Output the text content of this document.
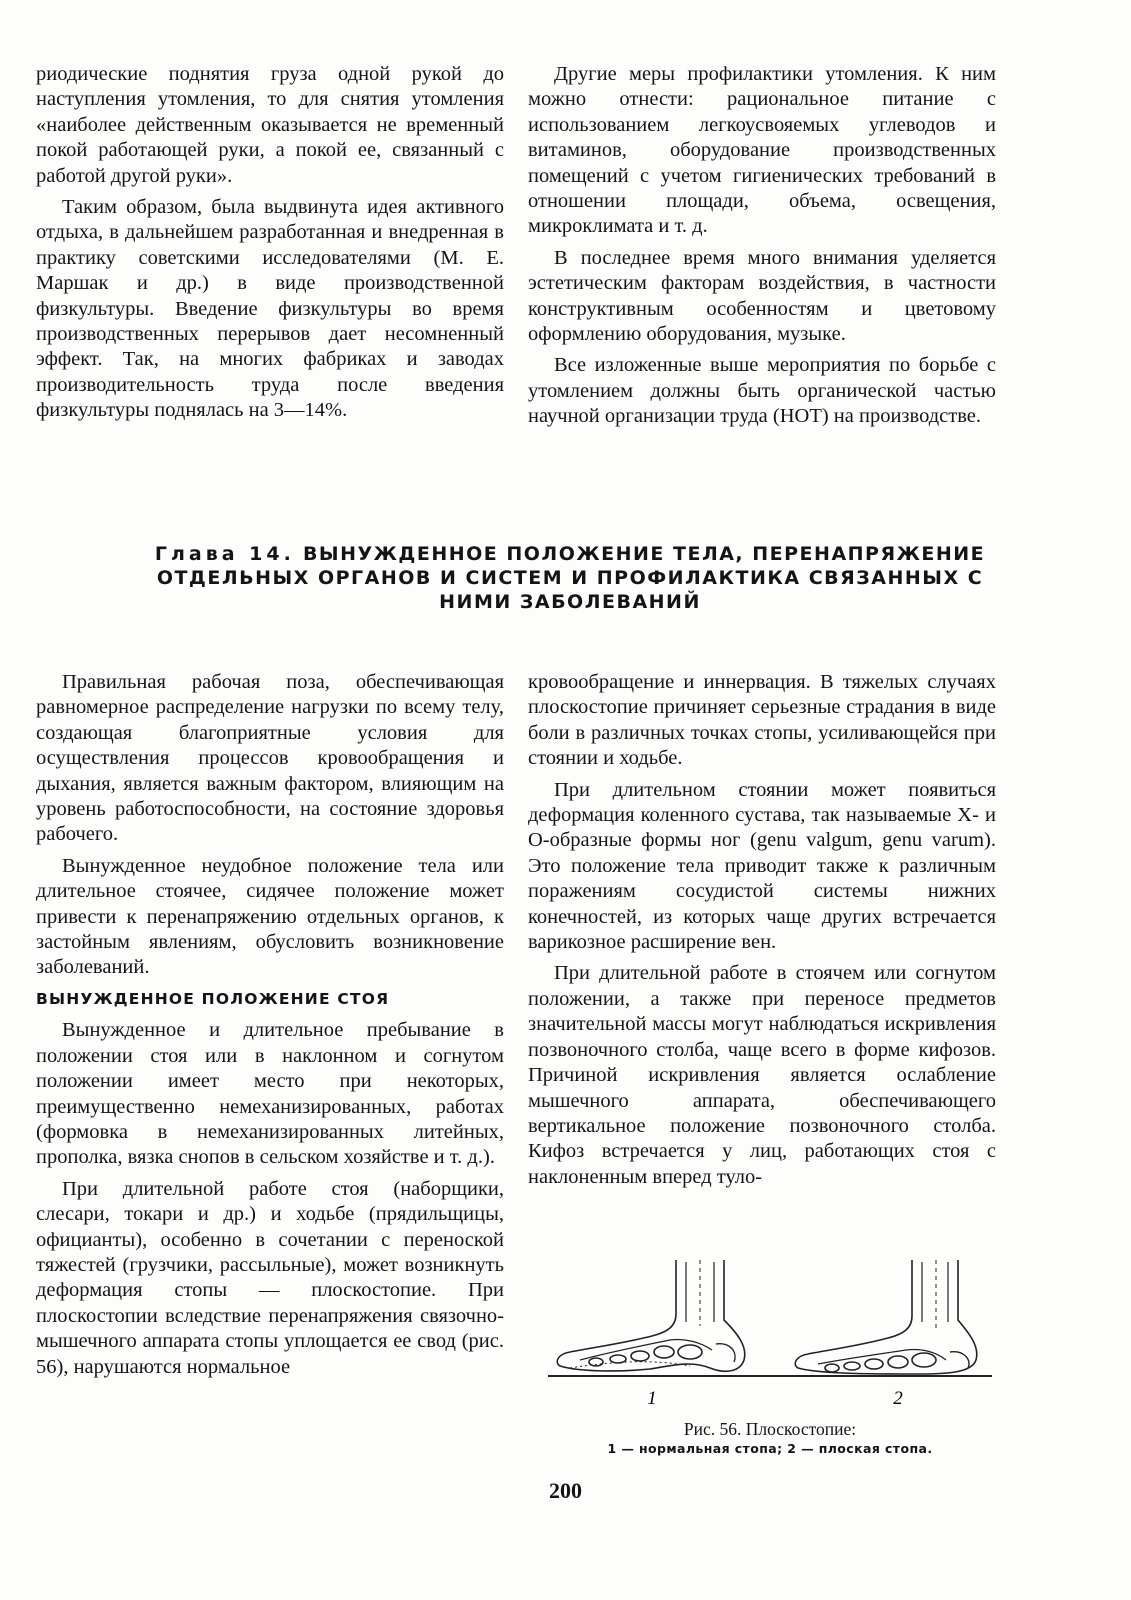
риодические поднятия груза одной рукой до наступления утомления, то для снятия утомления «наиболее действенным оказывается не временный покой работающей руки, а покой ее, связанный с работой другой руки».

Таким образом, была выдвинута идея активного отдыха, в дальнейшем разработанная и внедренная в практику советскими исследователями (М. Е. Маршак и др.) в виде производственной физкультуры. Введение физкультуры во время производственных перерывов дает несомненный эффект. Так, на многих фабриках и заводах производительность труда после введения физкультуры поднялась на 3—14%.

Другие меры профилактики утомления. К ним можно отнести: рациональное питание с использованием легкоусвояемых углеводов и витаминов, оборудование производственных помещений с учетом гигиенических требований в отношении площади, объема, освещения, микроклимата и т. д.

В последнее время много внимания уделяется эстетическим факторам воздействия, в частности конструктивным особенностям и цветовому оформлению оборудования, музыке.

Все изложенные выше мероприятия по борьбе с утомлением должны быть органической частью научной организации труда (НОТ) на производстве.

Глава 14. ВЫНУЖДЕННОЕ ПОЛОЖЕНИЕ ТЕЛА, ПЕРЕНАПРЯЖЕНИЕ ОТДЕЛЬНЫХ ОРГАНОВ И СИСТЕМ И ПРОФИЛАКТИКА СВЯЗАННЫХ С НИМИ ЗАБОЛЕВАНИЙ

Правильная рабочая поза, обеспечивающая равномерное распределение нагрузки по всему телу, создающая благоприятные условия для осуществления процессов кровообращения и дыхания, является важным фактором, влияющим на уровень работоспособности, на состояние здоровья рабочего.

Вынужденное неудобное положение тела или длительное стоячее, сидячее положение может привести к перенапряжению отдельных органов, к застойным явлениям, обусловить возникновение заболеваний.

ВЫНУЖДЕННОЕ ПОЛОЖЕНИЕ СТОЯ

Вынужденное и длительное пребывание в положении стоя или в наклонном и согнутом положении имеет место при некоторых, преимущественно немеханизированных, работах (формовка в немеханизированных литейных, прополка, вязка снопов в сельском хозяйстве и т. д.).

При длительной работе стоя (наборщики, слесари, токари и др.) и ходьбе (прядильщицы, официанты), особенно в сочетании с переноской тяжестей (грузчики, рассыльные), может возникнуть деформация стопы — плоскостопие. При плоскостопии вследствие перенапряжения связочно-мышечного аппарата стопы уплощается ее свод (рис. 56), нарушаются нормальное

кровообращение и иннервация. В тяжелых случаях плоскостопие причиняет серьезные страдания в виде боли в различных точках стопы, усиливающейся при стоянии и ходьбе.

При длительном стоянии может появиться деформация коленного сустава, так называемые X- и O-образные формы ног (genu valgum, genu varum). Это положение тела приводит также к различным поражениям сосудистой системы нижних конечностей, из которых чаще других встречается варикозное расширение вен.

При длительной работе в стоячем или согнутом положении, а также при переносе предметов значительной массы могут наблюдаться искривления позвоночного столба, чаще всего в форме кифозов. Причиной искривления является ослабление мышечного аппарата, обеспечивающего вертикальное положение позвоночного столба. Кифоз встречается у лиц, работающих стоя с наклоненным вперед туло-

1	2
Рис. 56. Плоскостопие:
1 — нормальная стопа; 2 — плоская стопа.
200
